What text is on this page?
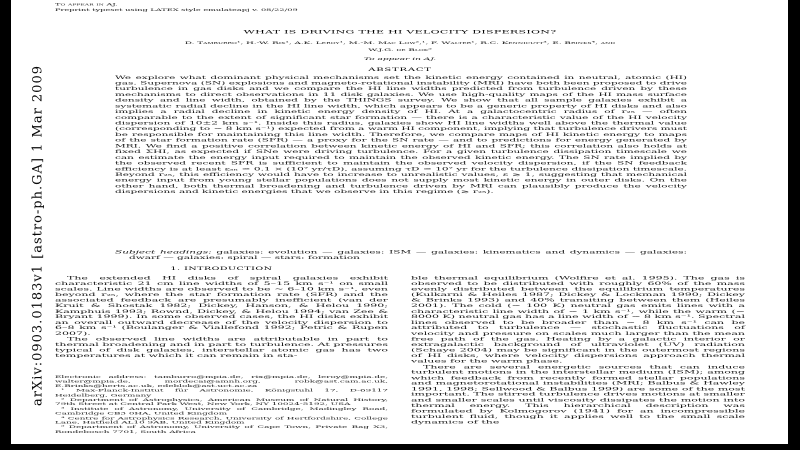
To appear in AJ.
Preprint typeset using LATEX style emulateapj v. 08/22/09
WHAT IS DRIVING THE HI VELOCITY DISPERSION?
D. Tamburro¹, H.-W. Rix¹, A.K. Leroy¹, M.-M. Mac Low²,¹, F. Walter¹, R.C. Kennicutt³, E. Brinks⁴, and
W.J.G. de Blok⁵
To appear in AJ.
ABSTRACT
We explore what dominant physical mechanisms set the kinetic energy contained in neutral, atomic (HI) gas. Supernova (SN) explosions and magneto-rotational instability (MRI) have both been proposed to drive turbulence in gas disks and we compare the HI line widths predicted from turbulence driven by these mechanisms to direct observations in 11 disk galaxies. We use high-quality maps of the HI mass surface density and line width, obtained by the THINGS survey. We show that all sample galaxies exhibit a systematic radial decline in the HI line width, which appears to be a generic property of HI disks and also implies a radial decline in kinetic energy density of HI. At a galactocentric radius of r₂₅ — often comparable to the extent of significant star formation — there is a characteristic value of the HI velocity dispersion of 10±2 km s⁻¹. Inside this radius, galaxies show HI line widths well above the thermal value (corresponding to ~ 8 km s⁻¹) expected from a warm HI component, implying that turbulence drivers must be responsible for maintaining this line width. Therefore, we compare maps of HI kinetic energy to maps of the star formation rate (SFR) — a proxy for the SN rate — and to predictions for energy generated by MRI. We find a positive correlation between kinetic energy of HI and SFR; this correlation also holds at fixed ΣHI, as expected if SNe were driving turbulence. For a given turbulence dissipation timescale we can estimate the energy input required to maintain the observed kinetic energy. The SN rate implied by the observed recent SFR is sufficient to maintain the observed velocity dispersion, if the SN feedback efficiency is at least εₛₙ ≃ 0.1 × (10⁷ yr/τD), assuming τD ≃ 10⁷ yr for the turbulence dissipation timescale. Beyond r₂₅, this efficiency would have to increase to unrealistic values, ε ≳ 1, suggesting that mechanical energy input from young stellar populations does not supply most kinetic energy in outer disks. On the other hand, both thermal broadening and turbulence driven by MRI can plausibly produce the velocity dispersions and kinetic energies that we observe in this regime (≳ r₂₅).
Subject headings: galaxies: evolution — galaxies: ISM — galaxies: kinematics and dynamics — galaxies: dwarf — galaxies: spiral — stars: formation
1. INTRODUCTION

The extended HI disks of spiral galaxies exhibit characteristic 21 cm line widths of 5–15 km s⁻¹ on small scales. Line widths are observed to be ~ 6–10 km s⁻¹, even beyond r₂₅, where the star formation rate (SFR) and the associated feedback are presumably inefficient (van der Kruit & Shostak 1982; Dickey, Hanson, & Helou 1990; Kamphuis 1993; Rownd, Dickey, & Helou 1994; van Zee & Bryant 1999). In some observed cases, the HI disks exhibit an overall outward decrease of the velocity dispersion to 6–8 km s⁻¹ (Boulanger & Viallefond 1992; Petric & Rupen 2007).

The observed line widths are attributable in part to thermal broadening and in part to turbulence. At pressures typical of disk galaxies, interstellar atomic gas has two temperatures at which it can remain in sta-

Electronic address: tamburro@mpia.de, rix@mpia.de, leroy@mpia.de, walter@mpia.de, mordecai@amnh.org, robk@ast.cam.ac.uk, E.Brinks@herts.ac.uk, edeblok@ast.uct.ac.za
¹ Max-Planck-Institut für Astronomie, Königstuhl 17, D-69117 Heidelberg, Germany
² Department of Astrophysics, American Museum of Natural History, 79th Street at Central Park West, New York, NY 10024-5192, USA
³ Institute of Astronomy, University of Cambridge, Madingley Road, Cambridge CB3 0HA, United Kingdom
⁴ Centre for Astrophysics Research, University of Hertfordshire, College Lane, Hatfield AL10 9AB, United Kingdom
⁵ Department of Astronomy, University of Cape Town, Private Bag X3, Rondebosch 7701, South Africa

ble thermal equilibrium (Wolfire et al. 1995). The gas is observed to be distributed with roughly 60% of the mass evenly distributed between the equilibrium temperatures (Kulkarni & Heiles 1987; Dickey & Lockman 1990; Dickey & Brinks 1993) and 40% transiting between them (Heiles 2001). The cold (~ 100 K) neutral gas emits lines with a characteristic line width of ~ 1 km s⁻¹, while the warm (~ 8000 K) neutral gas has a line width of ~ 8 km s⁻¹. Spectral lines observed to be broader than ~ 8 km s⁻¹ can be attributed to turbulence — stochastic fluctuations of velocity and pressure on scales much larger than the mean free path of the gas. Heating by a galactic interior or extragalactic background of ultraviolet (UV) radiation (Schaye 2004) may be significant in the outermost regions of HI disks, where velocity dispersions approach thermal values for the warm phase.

There are several energetic sources that can induce turbulent motions in the interstellar medium (ISM); among which feedback from recently formed stellar populations and magnetorotational instabilities (MRI; Balbus & Hawley 1991, 1998; Sellwood & Balbus 1999) are some of the most important. The stirred turbulence drives motions at smaller and smaller scales until viscosity dissipates the motion into thermal energy. This hierarchical description was formulated by Kolmogorov (1941) for an incompressible turbulent fluid, though it applies well to the small scale dynamics of the

arXiv:0903.0183v1 [astro-ph.GA] 1 Mar 2009
